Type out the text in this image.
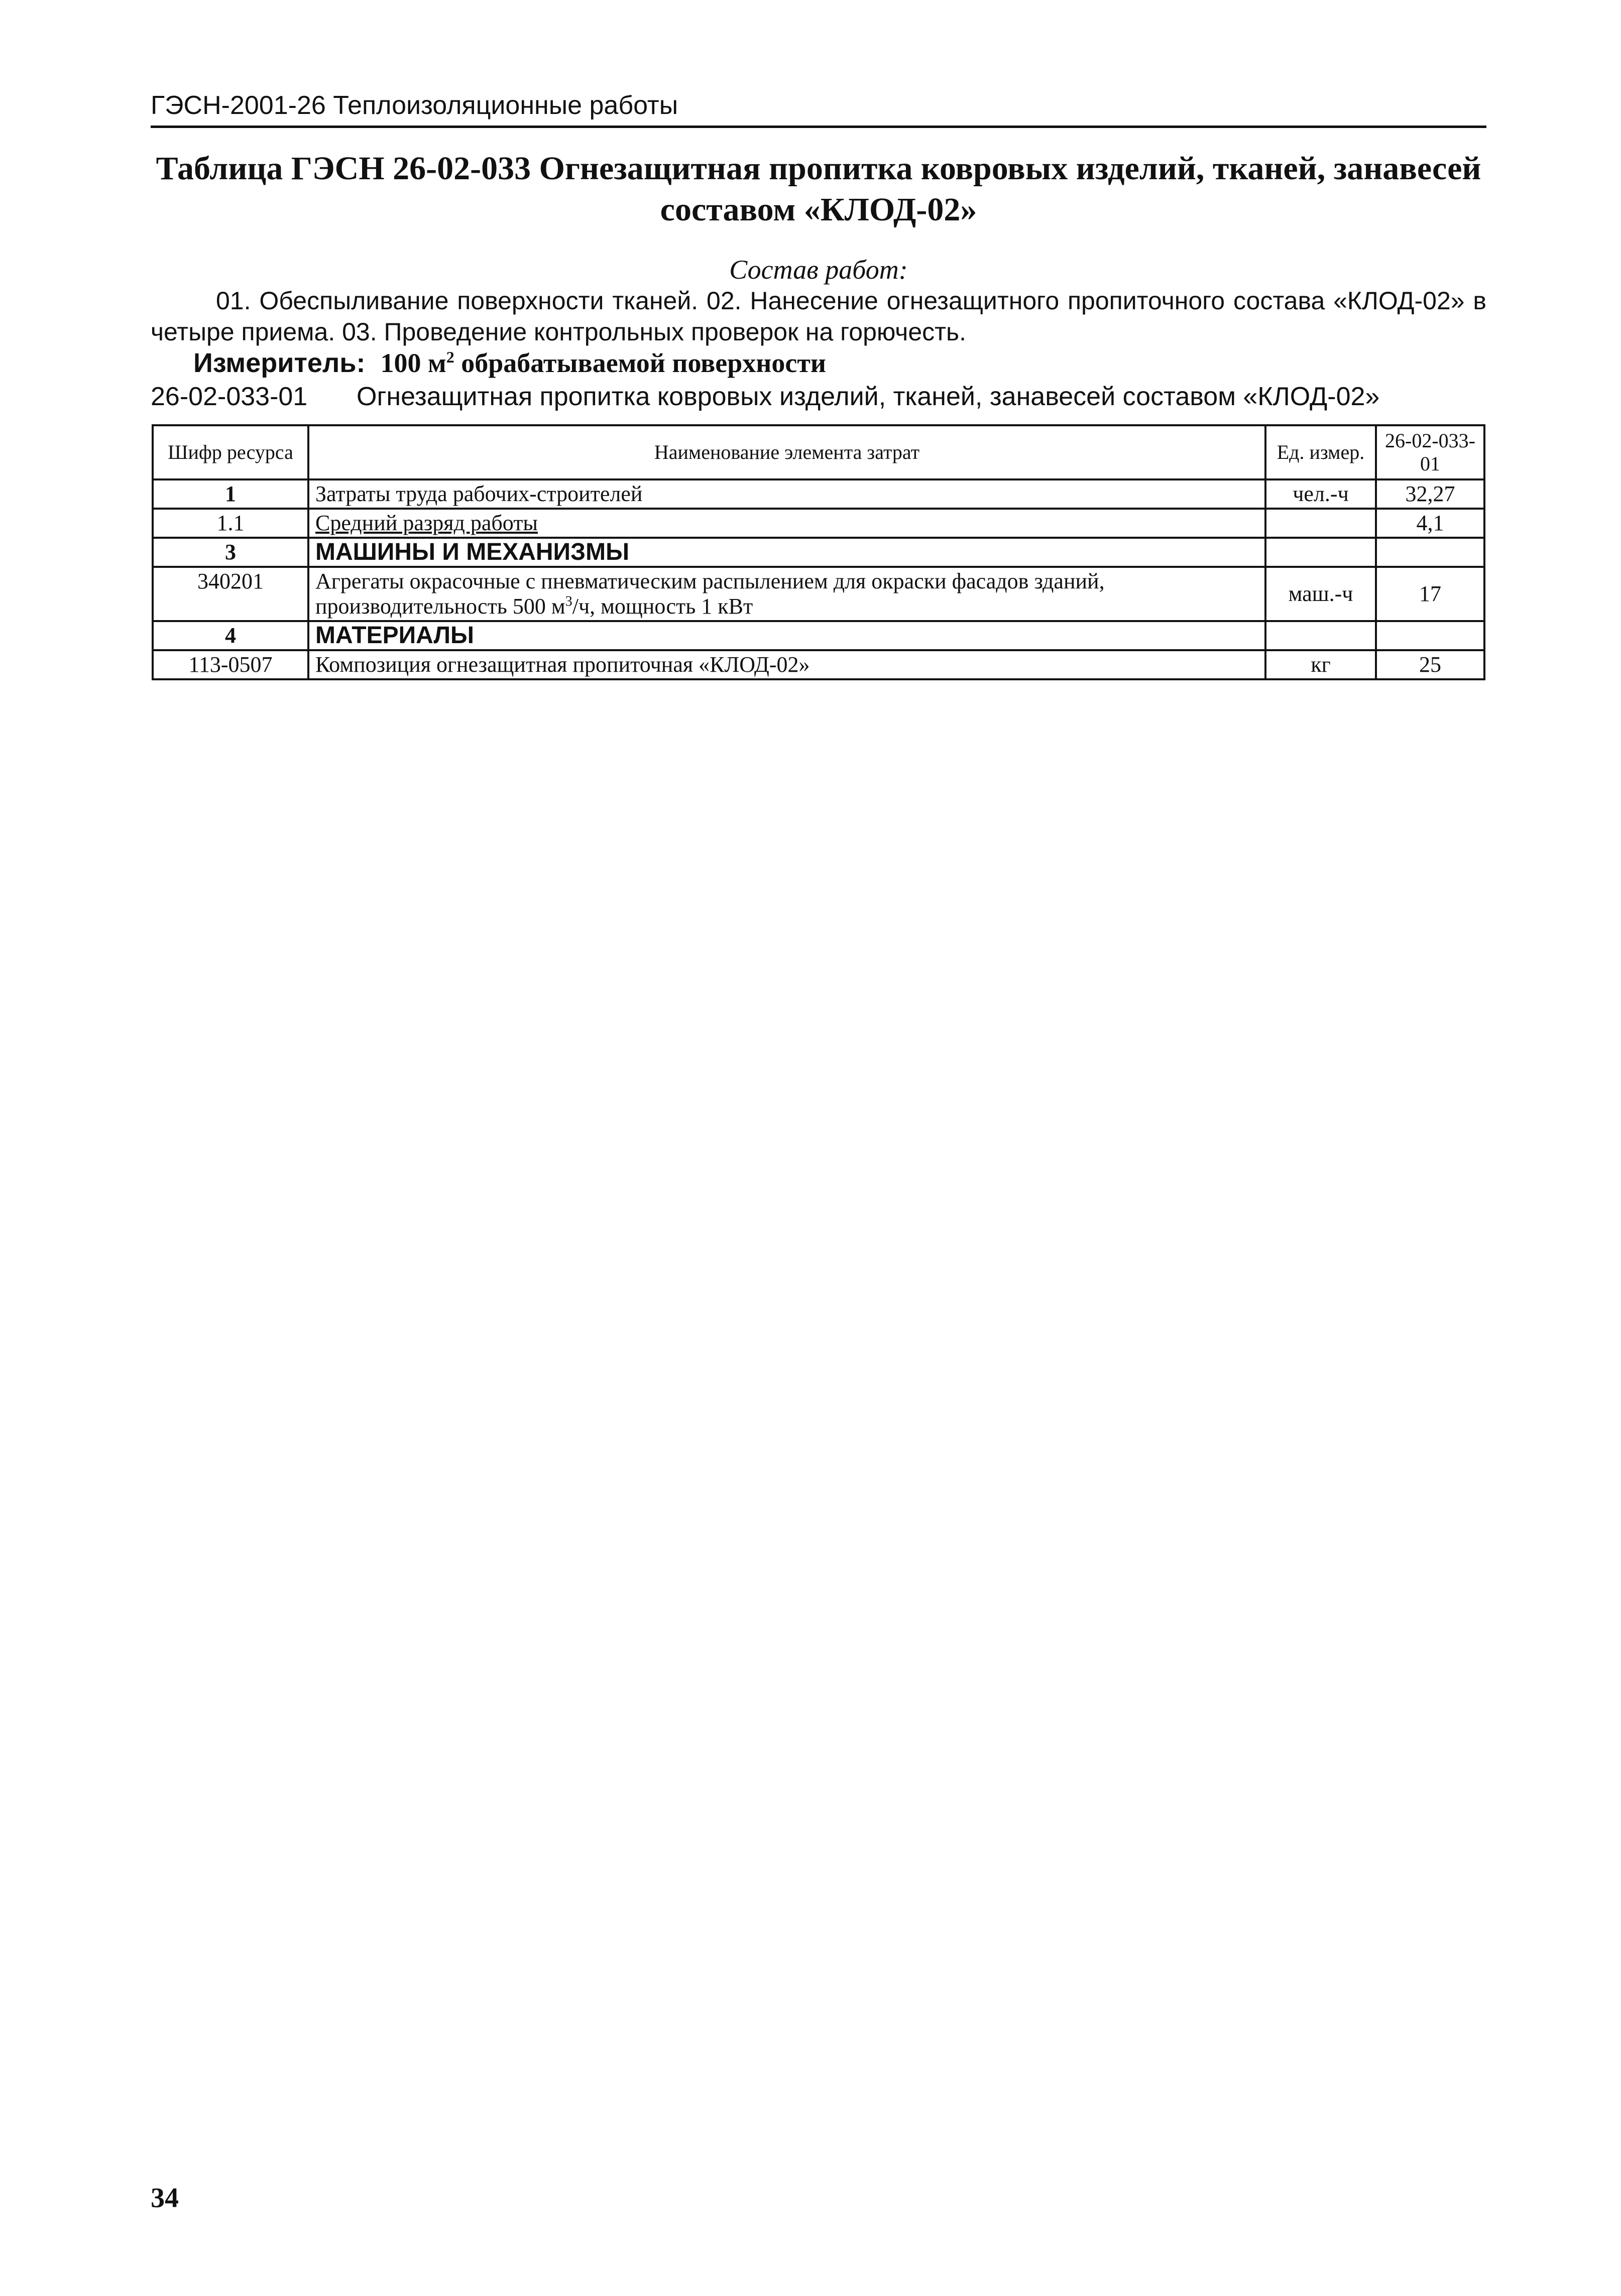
ГЭСН-2001-26 Теплоизоляционные работы
Таблица ГЭСН 26-02-033 Огнезащитная пропитка ковровых изделий, тканей, занавесей составом «КЛОД-02»
Состав работ:
01. Обеспыливание поверхности тканей. 02. Нанесение огнезащитного пропиточного состава «КЛОД-02» в четыре приема. 03. Проведение контрольных проверок на горючесть.
Измеритель: 100 $м^2$ обрабатываемой поверхности
26-02-033-01 Огнезащитная пропитка ковровых изделий, тканей, занавесей составом «КЛОД-02»
Шифр ресурса	Наименование элемента затрат	Ед. измер.	26-02-033-01
1	Затраты труда рабочих-строителей	чел.-ч	32,27
1.1	Средний разряд работы		4,1
3	МАШИНЫ И МЕХАНИЗМЫ		
340201	Агрегаты окрасочные с пневматическим распылением для окраски фасадов зданий, производительность 500 $м^3/ч$, мощность 1 кВт	маш.-ч	17
4	МАТЕРИАЛЫ		
113-0507	Композиция огнезащитная пропиточная «КЛОД-02»	кг	25
34
